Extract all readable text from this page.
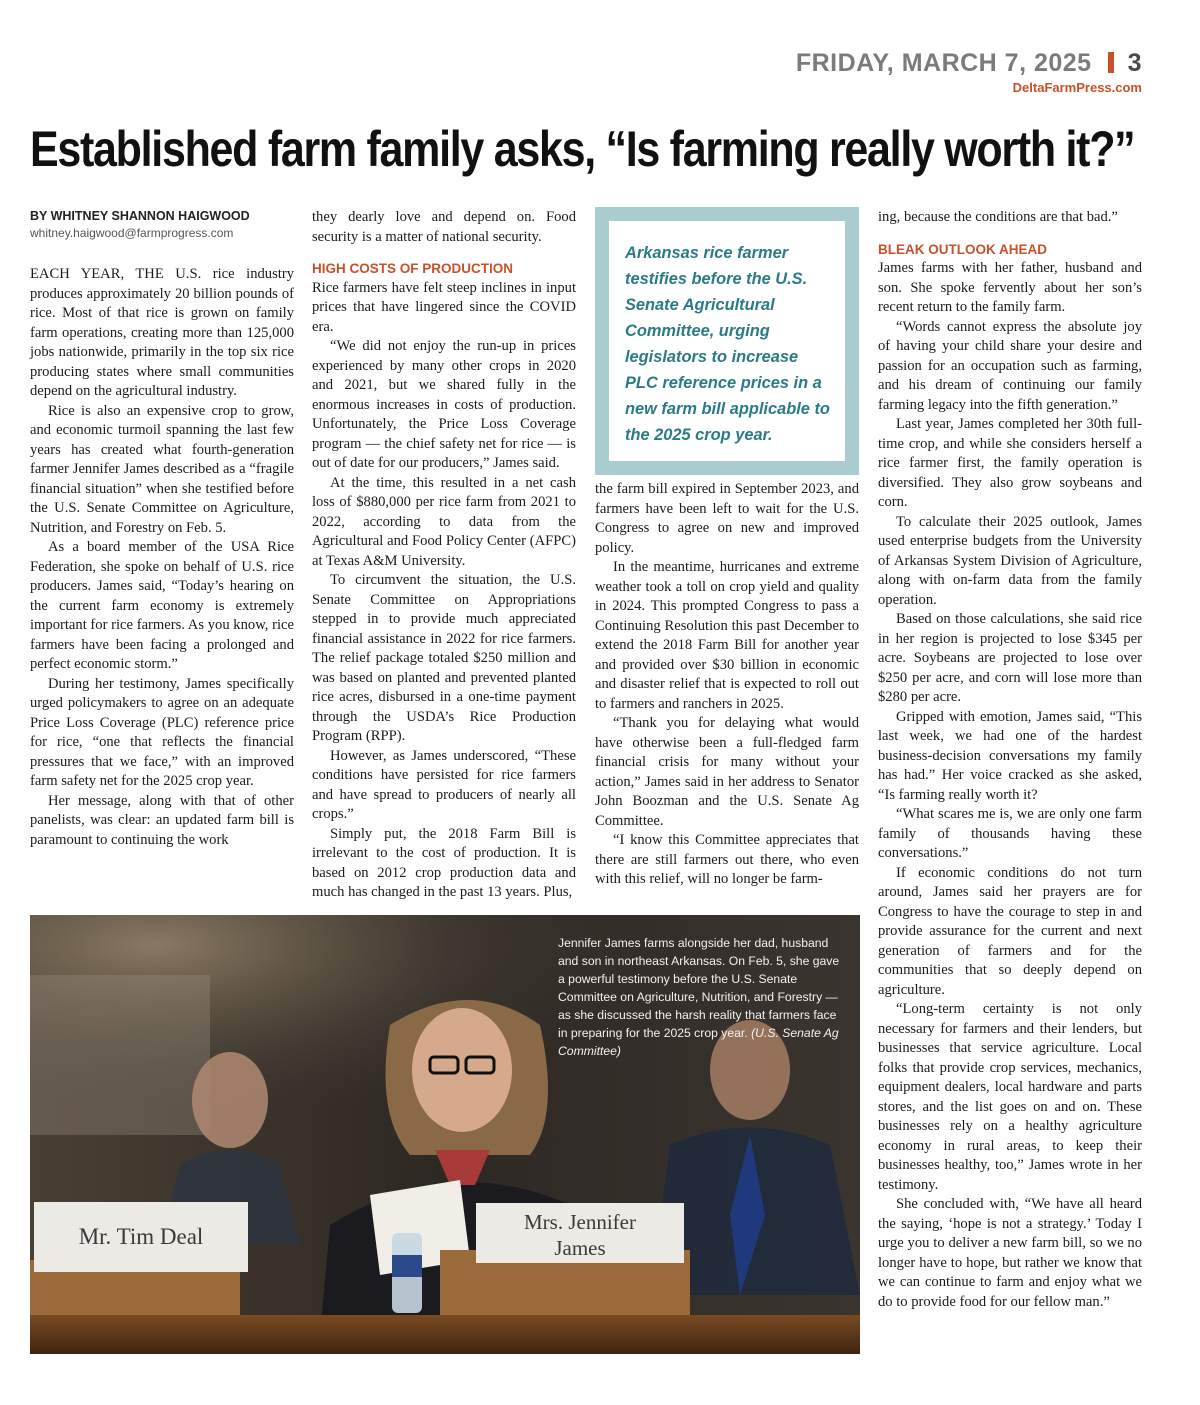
FRIDAY, MARCH 7, 2025 3
DeltaFarmPress.com
Established farm family asks, “Is farming really worth it?”
BY WHITNEY SHANNON HAIGWOOD
whitney.haigwood@farmprogress.com

EACH YEAR, THE U.S. rice industry produces approximately 20 billion pounds of rice. Most of that rice is grown on family farm operations, creating more than 125,000 jobs nationwide, primarily in the top six rice producing states where small communities depend on the agricultural industry.

Rice is also an expensive crop to grow, and economic turmoil spanning the last few years has created what fourth-generation farmer Jennifer James described as a “fragile financial situation” when she testified before the U.S. Senate Committee on Agriculture, Nutrition, and Forestry on Feb. 5.

As a board member of the USA Rice Federation, she spoke on behalf of U.S. rice producers. James said, “Today’s hearing on the current farm economy is extremely important for rice farmers. As you know, rice farmers have been facing a prolonged and perfect economic storm.”

During her testimony, James specifically urged policymakers to agree on an adequate Price Loss Coverage (PLC) reference price for rice, “one that reflects the financial pressures that we face,” with an improved farm safety net for the 2025 crop year.

Her message, along with that of other panelists, was clear: an updated farm bill is paramount to continuing the work

they dearly love and depend on. Food security is a matter of national security.

HIGH COSTS OF PRODUCTION

Rice farmers have felt steep inclines in input prices that have lingered since the COVID era.

“We did not enjoy the run-up in prices experienced by many other crops in 2020 and 2021, but we shared fully in the enormous increases in costs of production. Unfortunately, the Price Loss Coverage program — the chief safety net for rice — is out of date for our producers,” James said.

At the time, this resulted in a net cash loss of $880,000 per rice farm from 2021 to 2022, according to data from the Agricultural and Food Policy Center (AFPC) at Texas A&M University.

To circumvent the situation, the U.S. Senate Committee on Appropriations stepped in to provide much appreciated financial assistance in 2022 for rice farmers. The relief package totaled $250 million and was based on planted and prevented planted rice acres, disbursed in a one-time payment through the USDA’s Rice Production Program (RPP).

However, as James underscored, “These conditions have persisted for rice farmers and have spread to producers of nearly all crops.”

Simply put, the 2018 Farm Bill is irrelevant to the cost of production. It is based on 2012 crop production data and much has changed in the past 13 years. Plus,

Arkansas rice farmer testifies before the U.S. Senate Agricultural Committee, urging legislators to increase PLC reference prices in a new farm bill applicable to the 2025 crop year.

the farm bill expired in September 2023, and farmers have been left to wait for the U.S. Congress to agree on new and improved policy.

In the meantime, hurricanes and extreme weather took a toll on crop yield and quality in 2024. This prompted Congress to pass a Continuing Resolution this past December to extend the 2018 Farm Bill for another year and provided over $30 billion in economic and disaster relief that is expected to roll out to farmers and ranchers in 2025.

“Thank you for delaying what would have otherwise been a full-fledged farm financial crisis for many without your action,” James said in her address to Senator John Boozman and the U.S. Senate Ag Committee.

“I know this Committee appreciates that there are still farmers out there, who even with this relief, will no longer be farm-

ing, because the conditions are that bad.”

BLEAK OUTLOOK AHEAD

James farms with her father, husband and son. She spoke fervently about her son’s recent return to the family farm.

“Words cannot express the absolute joy of having your child share your desire and passion for an occupation such as farming, and his dream of continuing our family farming legacy into the fifth generation.”

Last year, James completed her 30th full-time crop, and while she considers herself a rice farmer first, the family operation is diversified. They also grow soybeans and corn.

To calculate their 2025 outlook, James used enterprise budgets from the University of Arkansas System Division of Agriculture, along with on-farm data from the family operation.

Based on those calculations, she said rice in her region is projected to lose $345 per acre. Soybeans are projected to lose over $250 per acre, and corn will lose more than $280 per acre.

Gripped with emotion, James said, “This last week, we had one of the hardest business-decision conversations my family has had.” Her voice cracked as she asked, “Is farming really worth it?

“What scares me is, we are only one farm family of thousands having these conversations.”

If economic conditions do not turn around, James said her prayers are for Congress to have the courage to step in and provide assurance for the current and next generation of farmers and for the communities that so deeply depend on agriculture.

“Long-term certainty is not only necessary for farmers and their lenders, but businesses that service agriculture. Local folks that provide crop services, mechanics, equipment dealers, local hardware and parts stores, and the list goes on and on. These businesses rely on a healthy agriculture economy in rural areas, to keep their businesses healthy, too,” James wrote in her testimony.

She concluded with, “We have all heard the saying, ‘hope is not a strategy.’ Today I urge you to deliver a new farm bill, so we no longer have to hope, but rather we know that we can continue to farm and enjoy what we do to provide food for our fellow man.”

Mr. Tim Deal
Mrs. Jennifer
James
Jennifer James farms alongside her dad, husband and son in northeast Arkansas. On Feb. 5, she gave a powerful testimony before the U.S. Senate Committee on Agriculture, Nutrition, and Forestry — as she discussed the harsh reality that farmers face in preparing for the 2025 crop year. (U.S. Senate Ag Committee)
